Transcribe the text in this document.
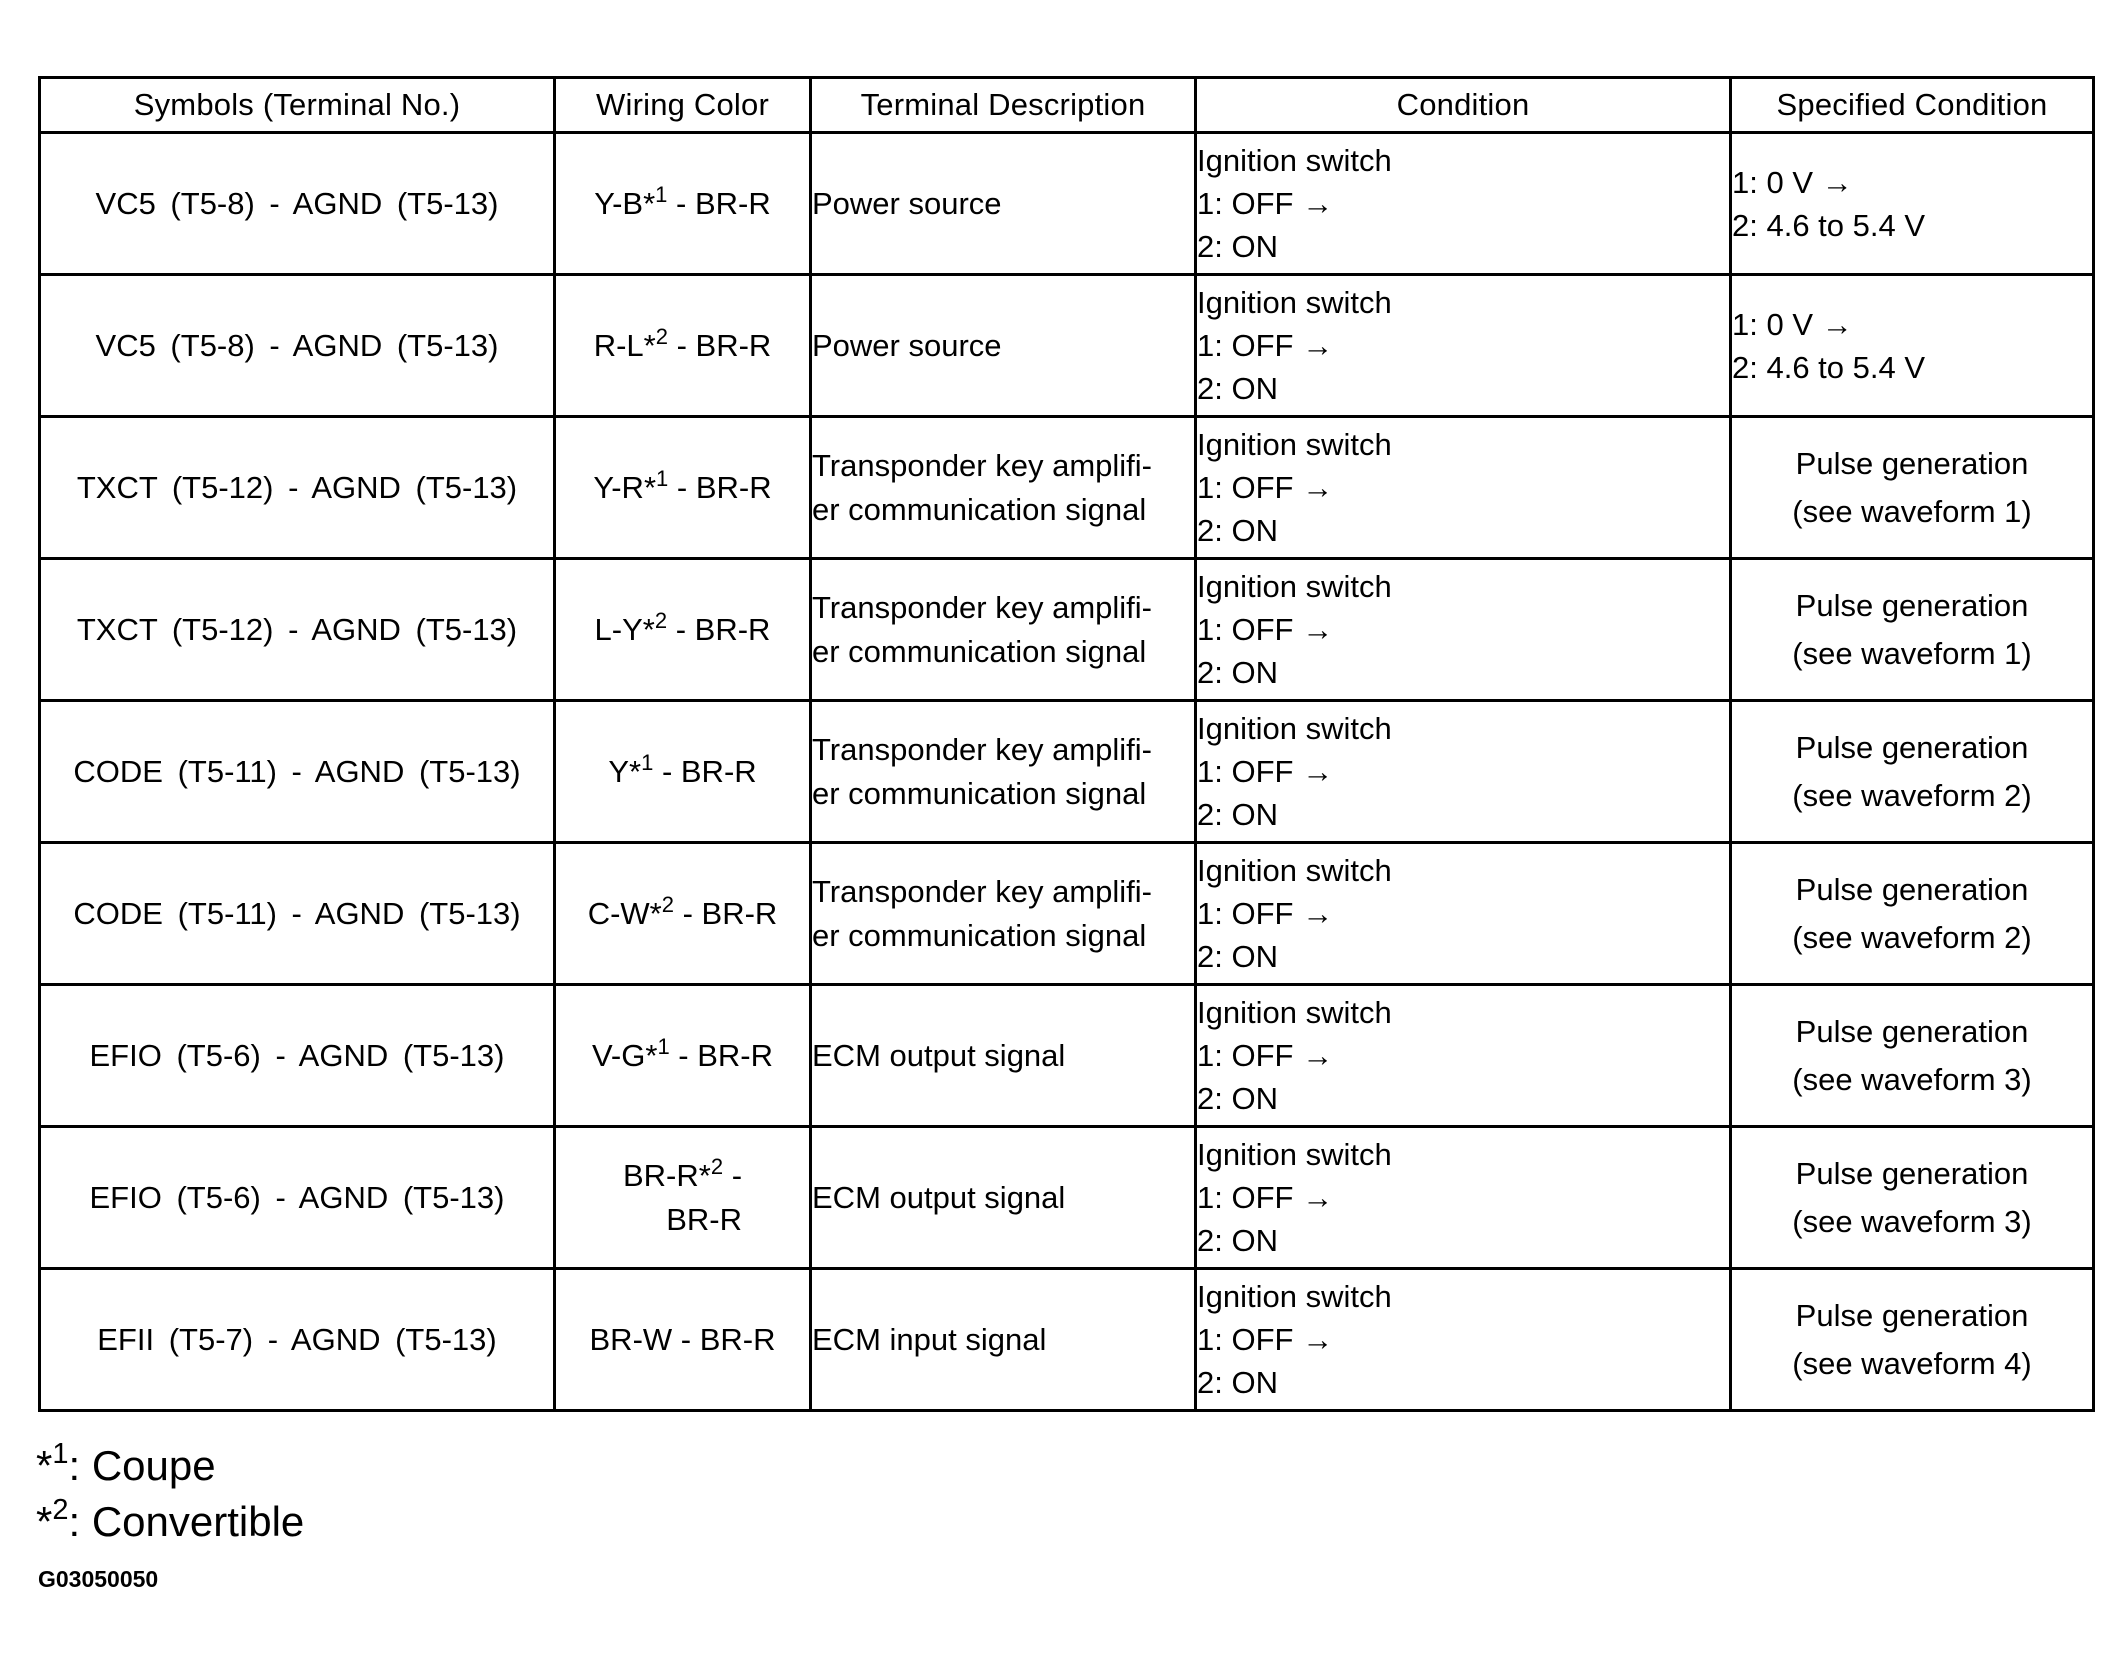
Symbols (Terminal No.)	Wiring Color	Terminal Description	Condition	Specified Condition
VC5 (T5-8) - AGND (T5-13)	Y-B*$^1$ - BR-R	Power source	Ignition switch
1: OFF →
2: ON	1: 0 V →
2: 4.6 to 5.4 V

VC5 (T5-8) - AGND (T5-13)	R-L*$^2$ - BR-R	Power source	Ignition switch
1: OFF →
2: ON	1: 0 V →
2: 4.6 to 5.4 V

TXCT (T5-12) - AGND (T5-13)	Y-R*$^1$ - BR-R	Transponder key amplifi-
er communication signal	Ignition switch
1: OFF →
2: ON	Pulse generation
(see waveform 1)

TXCT (T5-12) - AGND (T5-13)	L-Y*$^2$ - BR-R	Transponder key amplifi-
er communication signal	Ignition switch
1: OFF →
2: ON	Pulse generation
(see waveform 1)

CODE (T5-11) - AGND (T5-13)	Y*$^1$ - BR-R	Transponder key amplifi-
er communication signal	Ignition switch
1: OFF →
2: ON	Pulse generation
(see waveform 2)

CODE (T5-11) - AGND (T5-13)	C-W*$^2$ - BR-R	Transponder key amplifi-
er communication signal	Ignition switch
1: OFF →
2: ON	Pulse generation
(see waveform 2)

EFIO (T5-6) - AGND (T5-13)	V-G*$^1$ - BR-R	ECM output signal	Ignition switch
1: OFF →
2: ON	Pulse generation
(see waveform 3)

EFIO (T5-6) - AGND (T5-13)	BR-R*$^2$ -
BR-R	ECM output signal	Ignition switch
1: OFF →
2: ON	Pulse generation
(see waveform 3)

EFII (T5-7) - AGND (T5-13)	BR-W - BR-R	ECM input signal	Ignition switch
1: OFF →
2: ON	Pulse generation
(see waveform 4)
*$^1$: Coupe
*$^2$: Convertible
G03050050
